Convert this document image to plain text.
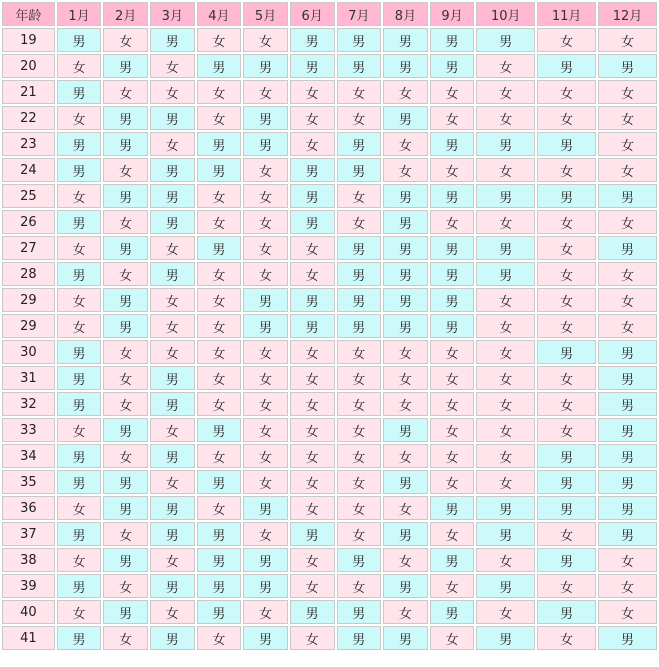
年龄	1月	2月	3月	4月	5月	6月	7月	8月	9月	10月	11月	12月
19	男	女	男	女	女	男	男	男	男	男	女	女
20	女	男	女	男	男	男	男	男	男	女	男	男
21	男	女	女	女	女	女	女	女	女	女	女	女
22	女	男	男	女	男	女	女	男	女	女	女	女
23	男	男	女	男	男	女	男	女	男	男	男	女
24	男	女	男	男	女	男	男	女	女	女	女	女
25	女	男	男	女	女	男	女	男	男	男	男	男
26	男	女	男	女	女	男	女	男	女	女	女	女
27	女	男	女	男	女	女	男	男	男	男	女	男
28	男	女	男	女	女	女	男	男	男	男	女	女
29	女	男	女	女	男	男	男	男	男	女	女	女
29	女	男	女	女	男	男	男	男	男	女	女	女
30	男	女	女	女	女	女	女	女	女	女	男	男
31	男	女	男	女	女	女	女	女	女	女	女	男
32	男	女	男	女	女	女	女	女	女	女	女	男
33	女	男	女	男	女	女	女	男	女	女	女	男
34	男	女	男	女	女	女	女	女	女	女	男	男
35	男	男	女	男	女	女	女	男	女	女	男	男
36	女	男	男	女	男	女	女	女	男	男	男	男
37	男	女	男	男	女	男	女	男	女	男	女	男
38	女	男	女	男	男	女	男	女	男	女	男	女
39	男	女	男	男	男	女	女	男	女	男	女	女
40	女	男	女	男	女	男	男	女	男	女	男	女
41	男	女	男	女	男	女	男	男	女	男	女	男
